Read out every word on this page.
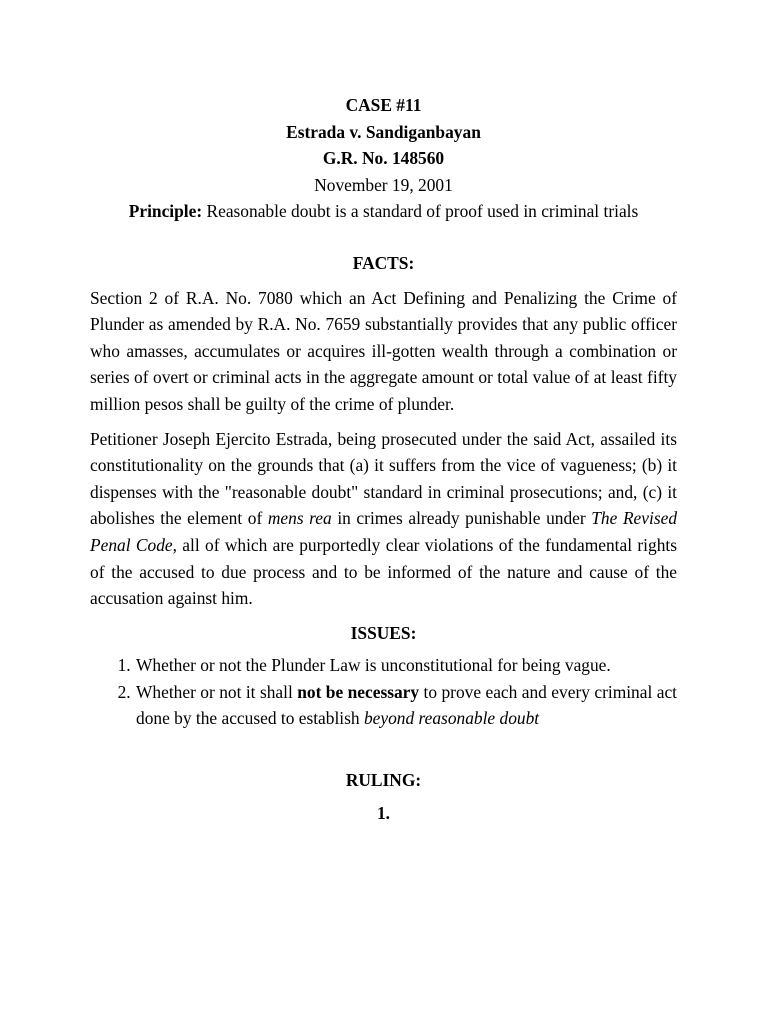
CASE #11
Estrada v. Sandiganbayan
G.R. No. 148560
November 19, 2001
Principle: Reasonable doubt is a standard of proof used in criminal trials
FACTS:

Section 2 of R.A. No. 7080 which an Act Defining and Penalizing the Crime of Plunder as amended by R.A. No. 7659 substantially provides that any public officer who amasses, accumulates or acquires ill-gotten wealth through a combination or series of overt or criminal acts in the aggregate amount or total value of at least fifty million pesos shall be guilty of the crime of plunder.

Petitioner Joseph Ejercito Estrada, being prosecuted under the said Act, assailed its constitutionality on the grounds that (a) it suffers from the vice of vagueness; (b) it dispenses with the "reasonable doubt" standard in criminal prosecutions; and, (c) it abolishes the element of mens rea in crimes already punishable under The Revised Penal Code, all of which are purportedly clear violations of the fundamental rights of the accused to due process and to be informed of the nature and cause of the accusation against him.

ISSUES:
1. Whether or not the Plunder Law is unconstitutional for being vague.
2. Whether or not it shall not be necessary to prove each and every criminal act done by the accused to establish beyond reasonable doubt
RULING:
1.
